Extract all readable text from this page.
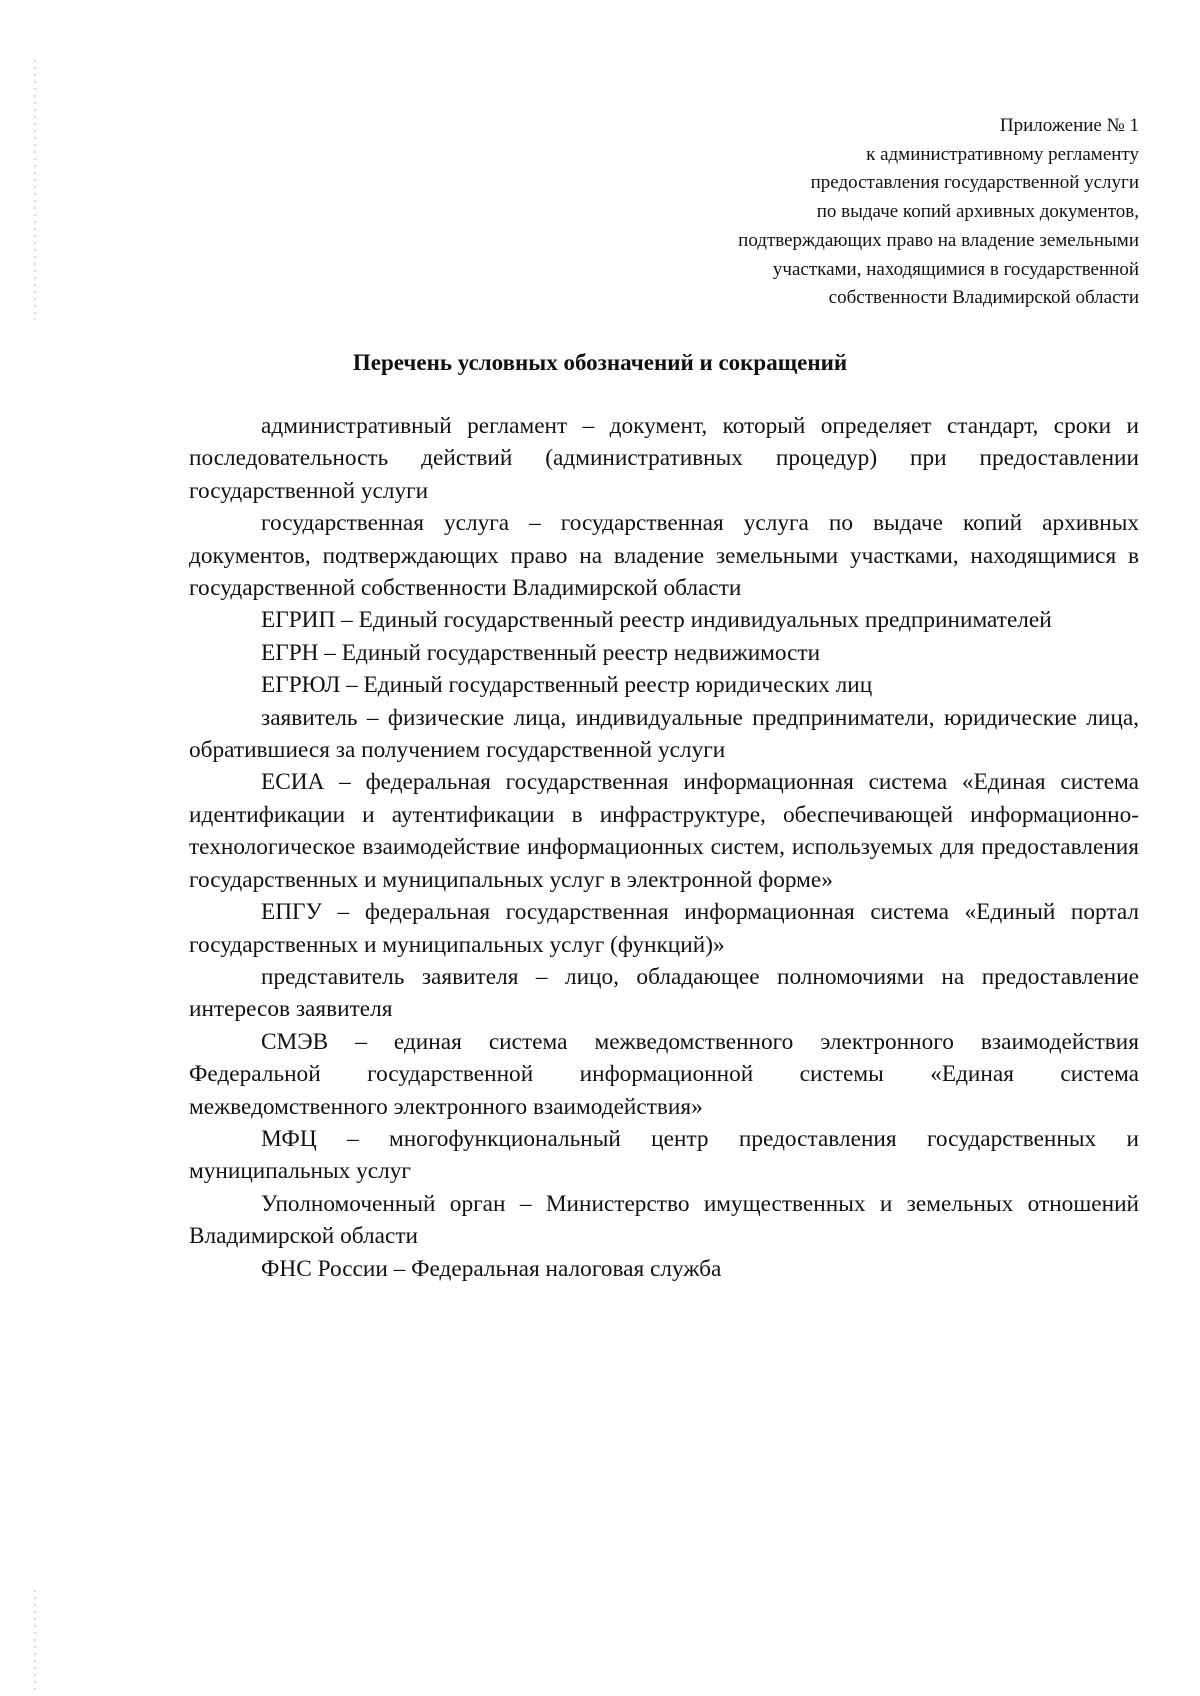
Приложение № 1
к административному регламенту
предоставления государственной услуги
по выдаче копий архивных документов,
подтверждающих право на владение земельными
участками, находящимися в государственной
собственности Владимирской области
Перечень условных обозначений и сокращений

административный регламент – документ, который определяет стандарт, сроки и последовательность действий (административных процедур) при предоставлении государственной услуги

государственная услуга – государственная услуга по выдаче копий архивных документов, подтверждающих право на владение земельными участками, находящимися в государственной собственности Владимирской области

ЕГРИП – Единый государственный реестр индивидуальных предпринимателей

ЕГРН – Единый государственный реестр недвижимости

ЕГРЮЛ – Единый государственный реестр юридических лиц

заявитель – физические лица, индивидуальные предприниматели, юридические лица, обратившиеся за получением государственной услуги

ЕСИА – федеральная государственная информационная система «Единая система идентификации и аутентификации в инфраструктуре, обеспечивающей информационно-технологическое взаимодействие информационных систем, используемых для предоставления государственных и муниципальных услуг в электронной форме»

ЕПГУ – федеральная государственная информационная система «Единый портал государственных и муниципальных услуг (функций)»

представитель заявителя – лицо, обладающее полномочиями на предоставление интересов заявителя

СМЭВ – единая система межведомственного электронного взаимодействия Федеральной государственной информационной системы «Единая система межведомственного электронного взаимодействия»

МФЦ – многофункциональный центр предоставления государственных и муниципальных услуг

Уполномоченный орган – Министерство имущественных и земельных отношений Владимирской области

ФНС России – Федеральная налоговая служба
